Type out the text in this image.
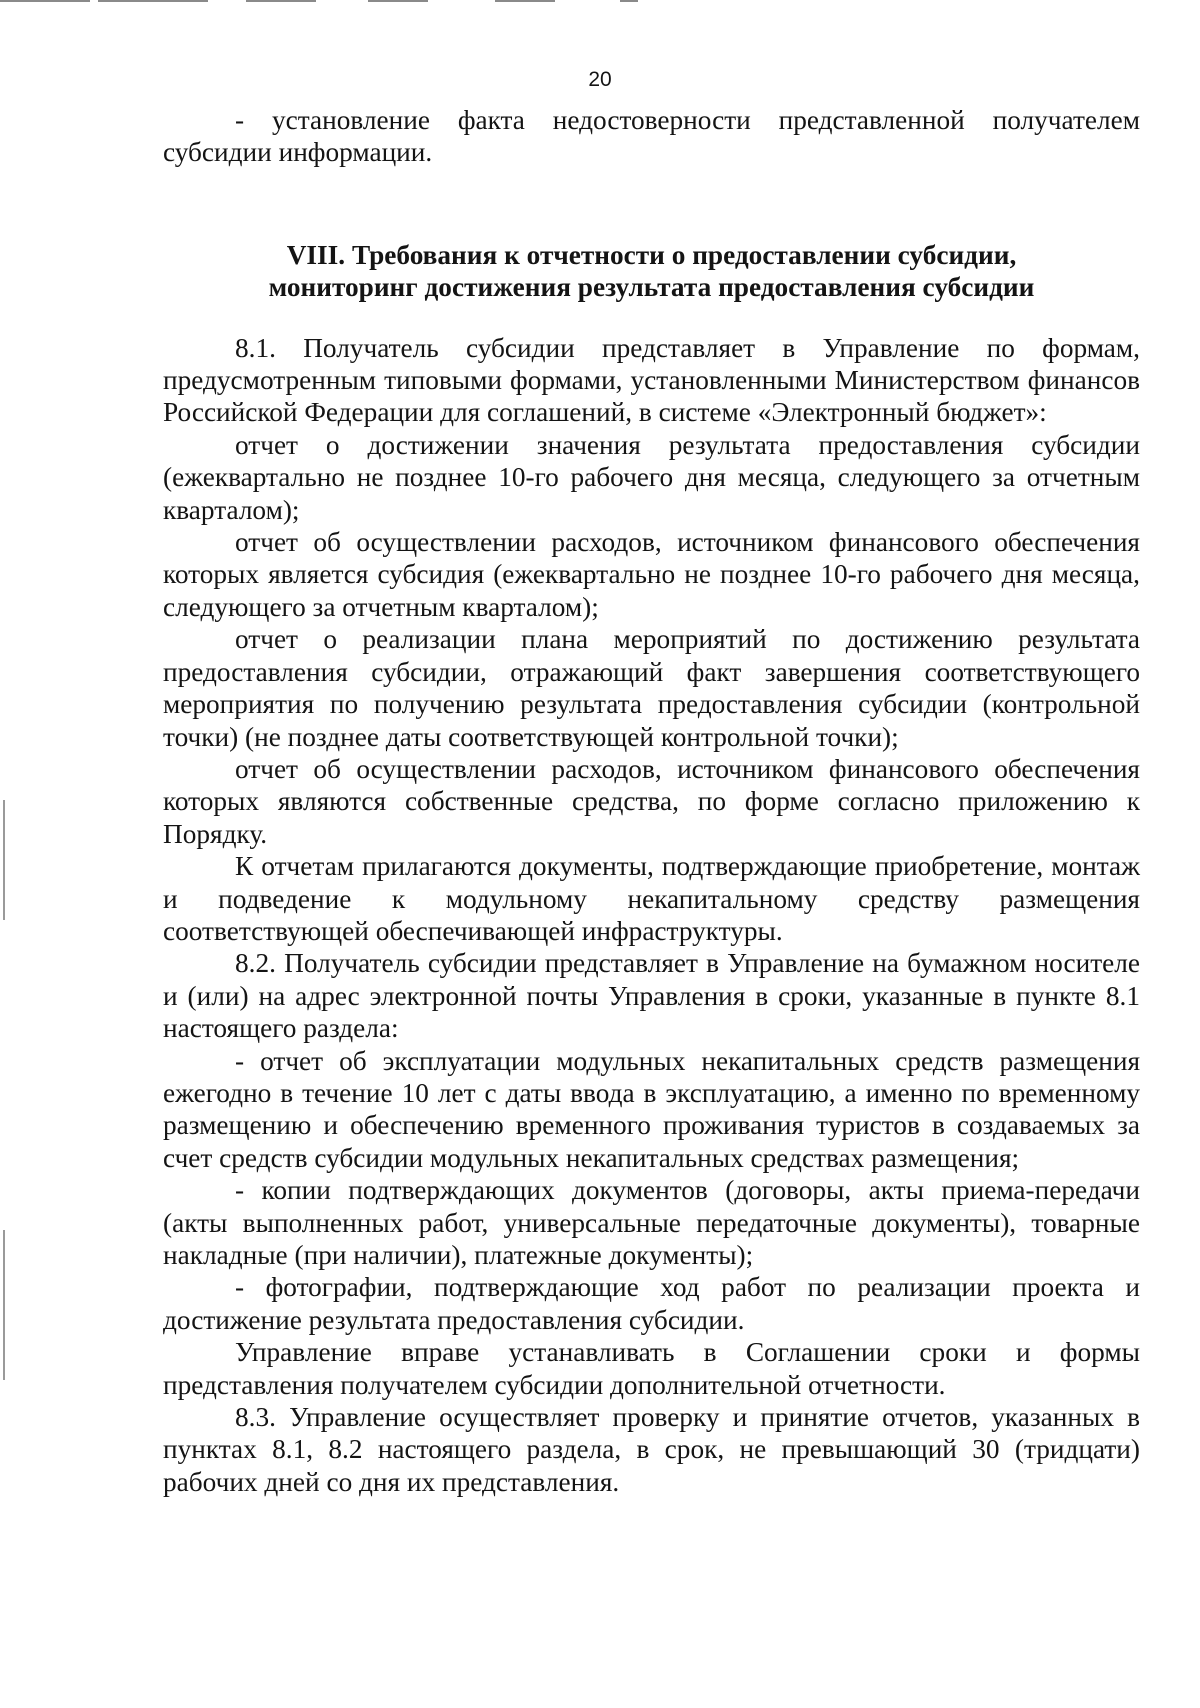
20

- установление факта недостоверности представленной получателем субсидии информации.

VIII. Требования к отчетности о предоставлении субсидии,
мониторинг достижения результата предоставления субсидии

8.1. Получатель субсидии представляет в Управление по формам, предусмотренным типовыми формами, установленными Министерством финансов Российской Федерации для соглашений, в системе «Электронный бюджет»:

отчет о достижении значения результата предоставления субсидии (ежеквартально не позднее 10-го рабочего дня месяца, следующего за отчетным кварталом);

отчет об осуществлении расходов, источником финансового обеспечения которых является субсидия (ежеквартально не позднее 10-го рабочего дня месяца, следующего за отчетным кварталом);

отчет о реализации плана мероприятий по достижению результата предоставления субсидии, отражающий факт завершения соответствующего мероприятия по получению результата предоставления субсидии (контрольной точки) (не позднее даты соответствующей контрольной точки);

отчет об осуществлении расходов, источником финансового обеспечения которых являются собственные средства, по форме согласно приложению к Порядку.

К отчетам прилагаются документы, подтверждающие приобретение, монтаж и подведение к модульному некапитальному средству размещения соответствующей обеспечивающей инфраструктуры.

8.2. Получатель субсидии представляет в Управление на бумажном носителе и (или) на адрес электронной почты Управления в сроки, указанные в пункте 8.1 настоящего раздела:

- отчет об эксплуатации модульных некапитальных средств размещения ежегодно в течение 10 лет с даты ввода в эксплуатацию, а именно по временному размещению и обеспечению временного проживания туристов в создаваемых за счет средств субсидии модульных некапитальных средствах размещения;

- копии подтверждающих документов (договоры, акты приема-передачи (акты выполненных работ, универсальные передаточные документы), товарные накладные (при наличии), платежные документы);

- фотографии, подтверждающие ход работ по реализации проекта и достижение результата предоставления субсидии.

Управление вправе устанавливать в Соглашении сроки и формы представления получателем субсидии дополнительной отчетности.

8.3. Управление осуществляет проверку и принятие отчетов, указанных в пунктах 8.1, 8.2 настоящего раздела, в срок, не превышающий 30 (тридцати) рабочих дней со дня их представления.
